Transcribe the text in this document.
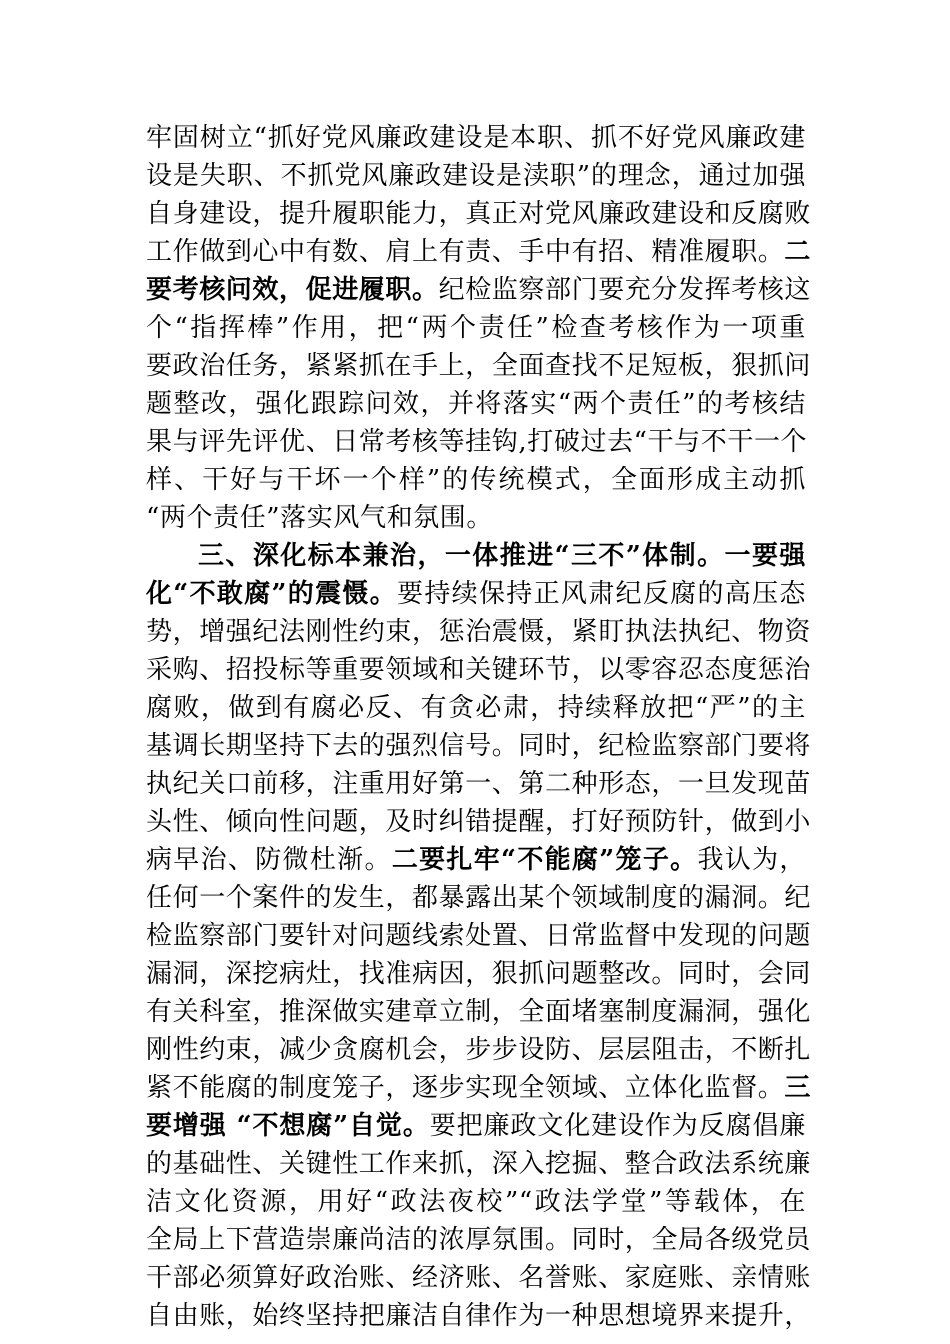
牢固树立“抓好党风廉政建设是本职、抓不好党风廉政建
设是失职、不抓党风廉政建设是渎职”的理念，通过加强
自身建设，提升履职能力，真正对党风廉政建设和反腐败
工作做到心中有数、肩上有责、手中有招、精准履职。二
要考核问效，促进履职。纪检监察部门要充分发挥考核这
个“指挥棒”作用，把“两个责任”检查考核作为一项重
要政治任务，紧紧抓在手上，全面查找不足短板，狠抓问
题整改，强化跟踪问效，并将落实“两个责任”的考核结
果与评先评优、日常考核等挂钩,打破过去“干与不干一个
样、干好与干坏一个样”的传统模式，全面形成主动抓
“两个责任”落实风气和氛围。
三、深化标本兼治，一体推进“三不”体制。一要强
化“不敢腐”的震慑。要持续保持正风肃纪反腐的高压态
势，增强纪法刚性约束，惩治震慑，紧盯执法执纪、物资
采购、招投标等重要领域和关键环节，以零容忍态度惩治
腐败，做到有腐必反、有贪必肃，持续释放把“严”的主
基调长期坚持下去的强烈信号。同时，纪检监察部门要将
执纪关口前移，注重用好第一、第二种形态，一旦发现苗
头性、倾向性问题，及时纠错提醒，打好预防针，做到小
病早治、防微杜渐。二要扎牢“不能腐”笼子。我认为，
任何一个案件的发生，都暴露出某个领域制度的漏洞。纪
检监察部门要针对问题线索处置、日常监督中发现的问题
漏洞，深挖病灶，找准病因，狠抓问题整改。同时，会同
有关科室，推深做实建章立制，全面堵塞制度漏洞，强化
刚性约束，减少贪腐机会，步步设防、层层阻击，不断扎
紧不能腐的制度笼子，逐步实现全领域、立体化监督。三
要增强 “不想腐”自觉。要把廉政文化建设作为反腐倡廉
的基础性、关键性工作来抓，深入挖掘、整合政法系统廉
洁文化资源，用好“政法夜校”“政法学堂”等载体，在
全局上下营造崇廉尚洁的浓厚氛围。同时，全局各级党员
干部必须算好政治账、经济账、名誉账、家庭账、亲情账
自由账，始终坚持把廉洁自律作为一种思想境界来提升，
